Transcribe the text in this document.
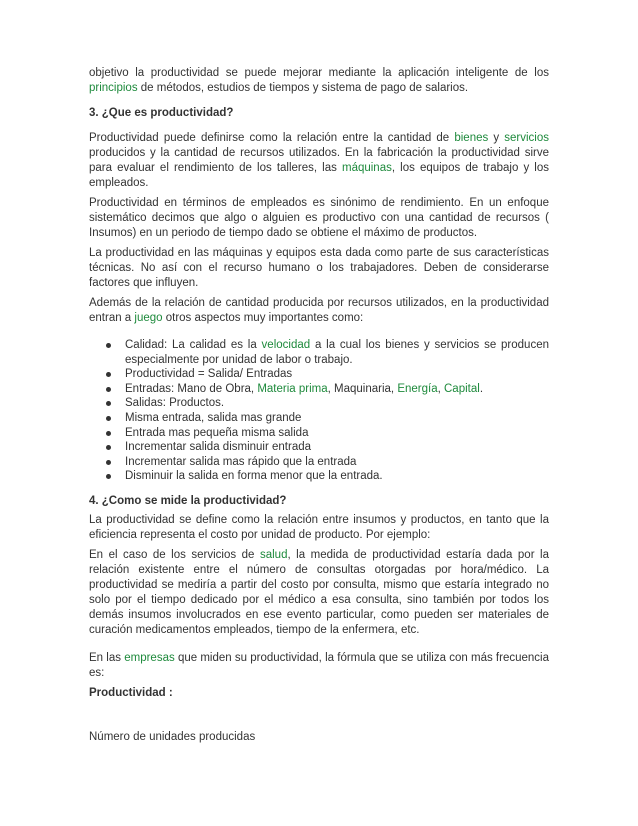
objetivo la productividad se puede mejorar mediante la aplicación inteligente de los principios de métodos, estudios de tiempos y sistema de pago de salarios.

3. ¿Que es productividad?

Productividad puede definirse como la relación entre la cantidad de bienes y servicios producidos y la cantidad de recursos utilizados. En la fabricación la productividad sirve para evaluar el rendimiento de los talleres, las máquinas, los equipos de trabajo y los empleados.

Productividad en términos de empleados es sinónimo de rendimiento. En un enfoque sistemático decimos que algo o alguien es productivo con una cantidad de recursos ( Insumos) en un periodo de tiempo dado se obtiene el máximo de productos.

La productividad en las máquinas y equipos esta dada como parte de sus características técnicas. No así con el recurso humano o los trabajadores. Deben de considerarse factores que influyen.

Además de la relación de cantidad producida por recursos utilizados, en la productividad entran a juego otros aspectos muy importantes como:

Calidad: La calidad es la velocidad a la cual los bienes y servicios se producen especialmente por unidad de labor o trabajo.
Productividad = Salida/ Entradas
Entradas: Mano de Obra, Materia prima, Maquinaria, Energía, Capital.
Salidas: Productos.
Misma entrada, salida mas grande
Entrada mas pequeña misma salida
Incrementar salida disminuir entrada
Incrementar salida mas rápido que la entrada
Disminuir la salida en forma menor que la entrada.
4. ¿Como se mide la productividad?

La productividad se define como la relación entre insumos y productos, en tanto que la eficiencia representa el costo por unidad de producto. Por ejemplo:

En el caso de los servicios de salud, la medida de productividad estaría dada por la relación existente entre el número de consultas otorgadas por hora/médico. La productividad se mediría a partir del costo por consulta, mismo que estaría integrado no solo por el tiempo dedicado por el médico a esa consulta, sino también por todos los demás insumos involucrados en ese evento particular, como pueden ser materiales de curación medicamentos empleados, tiempo de la enfermera, etc.

En las empresas que miden su productividad, la fórmula que se utiliza con más frecuencia es:

Productividad :

Número de unidades producidas
